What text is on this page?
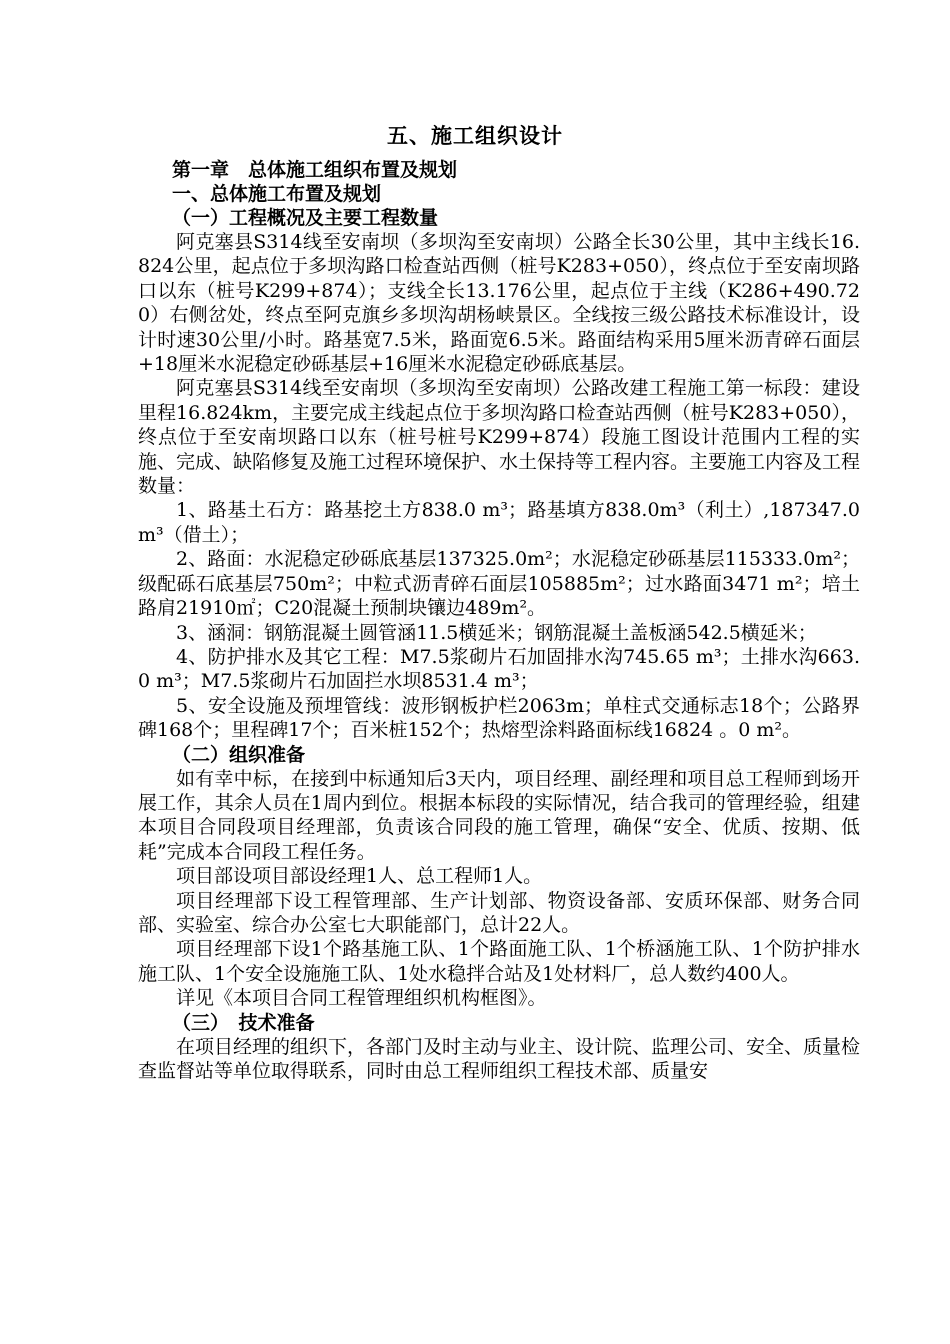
五、施工组织设计
第一章　总体施工组织布置及规划
一、总体施工布置及规划
（一）工程概况及主要工程数量

阿克塞县S314线至安南坝（多坝沟至安南坝）公路全长30公里，其中主线长16.824公里，起点位于多坝沟路口检查站西侧（桩号K283+050），终点位于至安南坝路口以东（桩号K299+874）；支线全长13.176公里，起点位于主线（K286+490.720）右侧岔处，终点至阿克旗乡多坝沟胡杨峡景区。全线按三级公路技术标准设计，设计时速30公里/小时。路基宽7.5米，路面宽6.5米。路面结构采用5厘米沥青碎石面层+18厘米水泥稳定砂砾基层+16厘米水泥稳定砂砾底基层。

阿克塞县S314线至安南坝（多坝沟至安南坝）公路改建工程施工第一标段：建设里程16.824km，主要完成主线起点位于多坝沟路口检查站西侧（桩号K283+050），终点位于至安南坝路口以东（桩号桩号K299+874）段施工图设计范围内工程的实施、完成、缺陷修复及施工过程环境保护、水土保持等工程内容。主要施工内容及工程数量：

1、路基土石方：路基挖土方838.0 m³；路基填方838.0m³（利土）,187347.0 m³（借土）；

2、路面：水泥稳定砂砾底基层137325.0m²；水泥稳定砂砾基层115333.0m²；级配砾石底基层750m²；中粒式沥青碎石面层105885m²；过水路面3471 m²；培土路肩21910㎡；C20混凝土预制块镶边489m²。

3、涵洞：钢筋混凝土圆管涵11.5横延米；钢筋混凝土盖板涵542.5横延米；

4、防护排水及其它工程：M7.5浆砌片石加固排水沟745.65 m³；土排水沟663.0 m³；M7.5浆砌片石加固拦水坝8531.4 m³；

5、安全设施及预埋管线：波形钢板护栏2063m；单柱式交通标志18个；公路界碑168个；里程碑17个；百米桩152个；热熔型涂料路面标线16824 。0 m²。

（二）组织准备

如有幸中标，在接到中标通知后3天内，项目经理、副经理和项目总工程师到场开展工作，其余人员在1周内到位。根据本标段的实际情况，结合我司的管理经验，组建本项目合同段项目经理部，负责该合同段的施工管理，确保“安全、优质、按期、低耗”完成本合同段工程任务。

项目部设项目部设经理1人、总工程师1人。

项目经理部下设工程管理部、生产计划部、物资设备部、安质环保部、财务合同部、实验室、综合办公室七大职能部门，总计22人。

项目经理部下设1个路基施工队、1个路面施工队、1个桥涵施工队、1个防护排水施工队、1个安全设施施工队、1处水稳拌合站及1处材料厂，总人数约400人。

详见《本项目合同工程管理组织机构框图》。

（三）　技术准备

在项目经理的组织下，各部门及时主动与业主、设计院、监理公司、安全、质量检查监督站等单位取得联系，同时由总工程师组织工程技术部、质量安
